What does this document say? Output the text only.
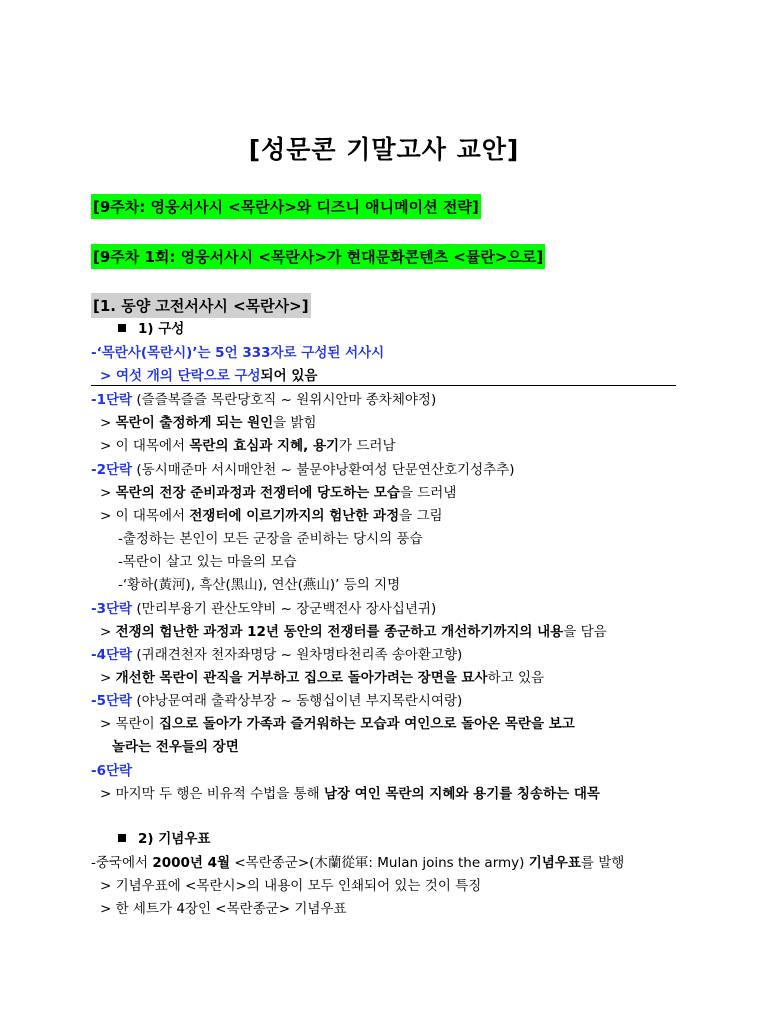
[성문콘 기말고사 교안]
[9주차: 영웅서사시 <목란사>와 디즈니 애니메이션 전략]
[9주차 1회: 영웅서사시 <목란사>가 현대문화콘텐츠 <뮬란>으로]
[1. 동양 고전서사시 <목란사>]
1) 구성
-‘목란사(목란시)’는 5언 333자로 구성된 서사시
> 여섯 개의 단락으로 구성되어 있음
-1단락 (즐즐복즐즐 목란당호직 ~ 원위시안마 종차체야정)
> 목란이 출정하게 되는 원인을 밝힘
> 이 대목에서 목란의 효심과 지혜, 용기가 드러남
-2단락 (동시매준마 서시매안천 ~ 불문야낭환여성 단문연산호기성추추)
> 목란의 전장 준비과정과 전쟁터에 당도하는 모습을 드러냄
> 이 대목에서 전쟁터에 이르기까지의 험난한 과정을 그림
-출정하는 본인이 모든 군장을 준비하는 당시의 풍습
-목란이 살고 있는 마을의 모습
-‘황하(黃河), 흑산(黑山), 연산(燕山)’ 등의 지명
-3단락 (만리부융기 관산도약비 ~ 장군백전사 장사십년귀)
> 전쟁의 험난한 과정과 12년 동안의 전쟁터를 종군하고 개선하기까지의 내용을 담음
-4단락 (귀래견천자 천자좌명당 ~ 원차명타천리족 송아환고향)
> 개선한 목란이 관직을 거부하고 집으로 돌아가려는 장면을 묘사하고 있음
-5단락 (야낭문여래 출곽상부장 ~ 동행십이년 부지목란시여랑)
> 목란이 집으로 돌아가 가족과 즐거워하는 모습과 여인으로 돌아온 목란을 보고
놀라는 전우들의 장면
-6단락
> 마지막 두 행은 비유적 수법을 통해 남장 여인 목란의 지혜와 용기를 칭송하는 대목
2) 기념우표
-중국에서 2000년 4월 <목란종군>(木蘭從軍: Mulan joins the army) 기념우표를 발행
> 기념우표에 <목란시>의 내용이 모두 인쇄되어 있는 것이 특징
> 한 세트가 4장인 <목란종군> 기념우표
